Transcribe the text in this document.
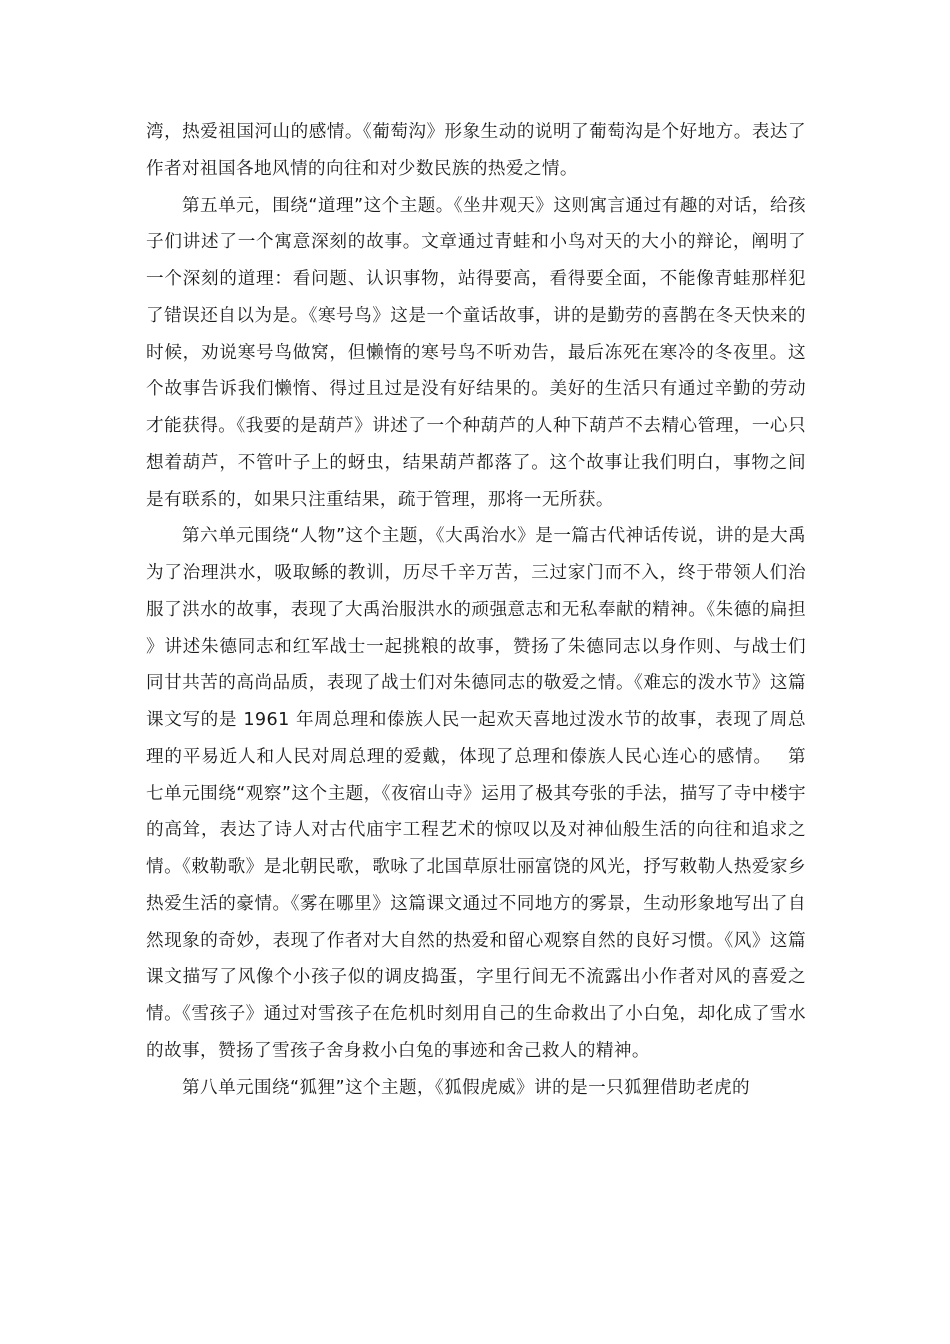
湾，热爱祖国河山的感情。《葡萄沟》形象生动的说明了葡萄沟是个好地方。表达了作者对祖国各地风情的向往和对少数民族的热爱之情。

第五单元，围绕“道理”这个主题。《坐井观天》这则寓言通过有趣的对话，给孩子们讲述了一个寓意深刻的故事。文章通过青蛙和小鸟对天的大小的辩论，阐明了一个深刻的道理：看问题、认识事物，站得要高，看得要全面，不能像青蛙那样犯了错误还自以为是。《寒号鸟》这是一个童话故事，讲的是勤劳的喜鹊在冬天快来的时候，劝说寒号鸟做窝，但懒惰的寒号鸟不听劝告，最后冻死在寒冷的冬夜里。这个故事告诉我们懒惰、得过且过是没有好结果的。美好的生活只有通过辛勤的劳动才能获得。《我要的是葫芦》讲述了一个种葫芦的人种下葫芦不去精心管理，一心只想着葫芦，不管叶子上的蚜虫，结果葫芦都落了。这个故事让我们明白，事物之间是有联系的，如果只注重结果，疏于管理，那将一无所获。

第六单元围绕“人物”这个主题，《大禹治水》是一篇古代神话传说，讲的是大禹为了治理洪水，吸取鲧的教训，历尽千辛万苦，三过家门而不入，终于带领人们治服了洪水的故事，表现了大禹治服洪水的顽强意志和无私奉献的精神。《朱德的扁担》讲述朱德同志和红军战士一起挑粮的故事，赞扬了朱德同志以身作则、与战士们同甘共苦的高尚品质，表现了战士们对朱德同志的敬爱之情。《难忘的泼水节》这篇课文写的是 1961 年周总理和傣族人民一起欢天喜地过泼水节的故事，表现了周总理的平易近人和人民对周总理的爱戴，体现了总理和傣族人民心连心的感情。　 第七单元围绕“观察”这个主题，《夜宿山寺》运用了极其夸张的手法，描写了寺中楼宇的高耸，表达了诗人对古代庙宇工程艺术的惊叹以及对神仙般生活的向往和追求之情。《敕勒歌》是北朝民歌，歌咏了北国草原壮丽富饶的风光，抒写敕勒人热爱家乡热爱生活的豪情。《雾在哪里》这篇课文通过不同地方的雾景，生动形象地写出了自然现象的奇妙，表现了作者对大自然的热爱和留心观察自然的良好习惯。《风》这篇课文描写了风像个小孩子似的调皮捣蛋，字里行间无不流露出小作者对风的喜爱之情。《雪孩子》通过对雪孩子在危机时刻用自己的生命救出了小白兔，却化成了雪水的故事，赞扬了雪孩子舍身救小白兔的事迹和舍己救人的精神。

第八单元围绕“狐狸”这个主题，《狐假虎威》讲的是一只狐狸借助老虎的
